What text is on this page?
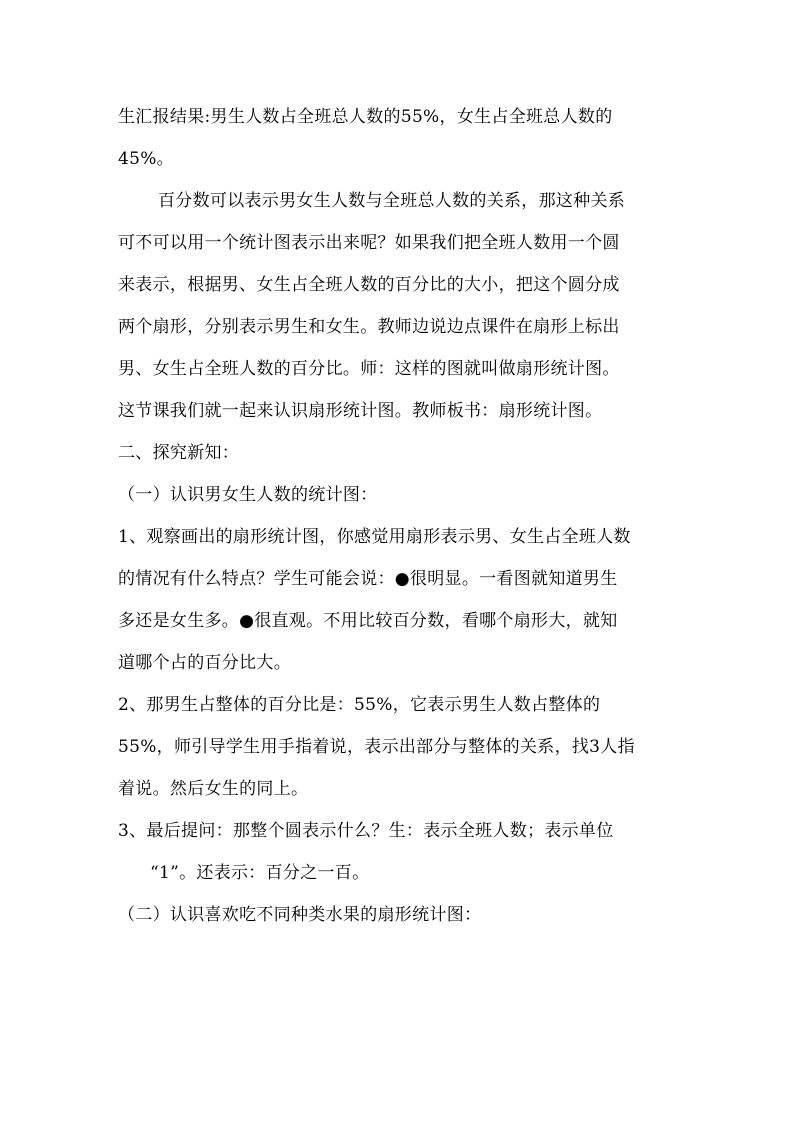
生汇报结果:男生人数占全班总人数的55%，女生占全班总人数的
45%。
百分数可以表示男女生人数与全班总人数的关系，那这种关系
可不可以用一个统计图表示出来呢？如果我们把全班人数用一个圆
来表示，根据男、女生占全班人数的百分比的大小，把这个圆分成
两个扇形，分别表示男生和女生。教师边说边点课件在扇形上标出
男、女生占全班人数的百分比。师：这样的图就叫做扇形统计图。
这节课我们就一起来认识扇形统计图。教师板书：扇形统计图。
二、探究新知：
（一）认识男女生人数的统计图：
1、观察画出的扇形统计图，你感觉用扇形表示男、女生占全班人数
的情况有什么特点？学生可能会说：●很明显。一看图就知道男生
多还是女生多。●很直观。不用比较百分数，看哪个扇形大，就知
道哪个占的百分比大。
2、那男生占整体的百分比是：55%，它表示男生人数占整体的
55%，师引导学生用手指着说，表示出部分与整体的关系，找3人指
着说。然后女生的同上。
3、最后提问：那整个圆表示什么？生：表示全班人数；表示单位
“1”。还表示：百分之一百。
（二）认识喜欢吃不同种类水果的扇形统计图：
